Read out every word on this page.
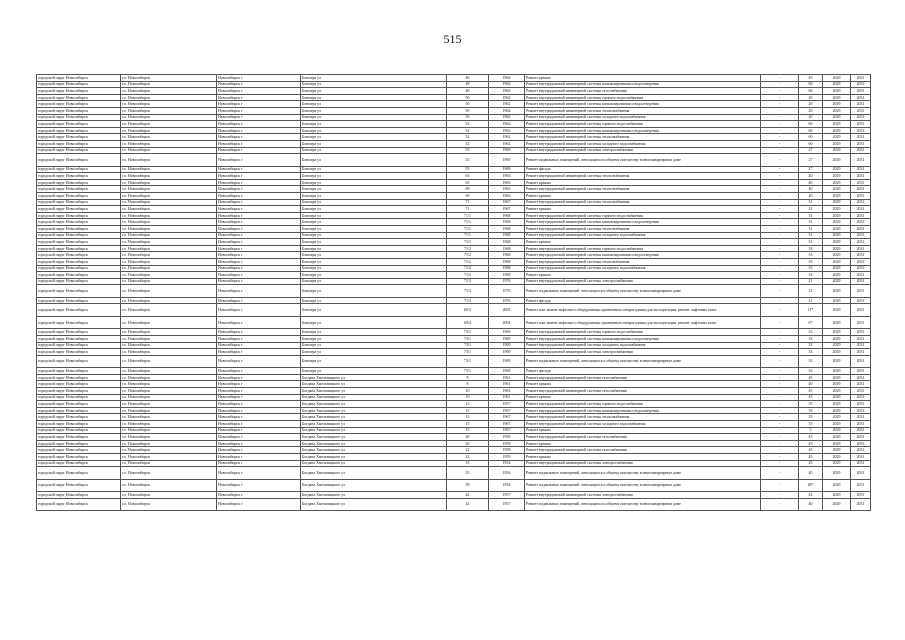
515
городской округ Новосибирск	г.о. Новосибирск	Новосибирск г	Блюхера ул	46	1962	Ремонт крыши	-	45	2029	2031
городской округ Новосибирск	г.о. Новосибирск	Новосибирск г	Блюхера ул	48	1962	Ремонт внутридомовой инженерной системы канализирования и водоотведения	-	60	2029	2031
городской округ Новосибирск	г.о. Новосибирск	Новосибирск г	Блюхера ул	48	1962	Ремонт внутридомовой инженерной системы газоснабжения	-	60	2029	2031
городской округ Новосибирск	г.о. Новосибирск	Новосибирск г	Блюхера ул	50	1962	Ремонт внутридомовой инженерной системы горячего водоснабжения	-	20	2029	2031
городской округ Новосибирск	г.о. Новосибирск	Новосибирск г	Блюхера ул	50	1962	Ремонт внутридомовой инженерной системы канализирования и водоотведения	-	20	2029	2031
городской округ Новосибирск	г.о. Новосибирск	Новосибирск г	Блюхера ул	50	1962	Ремонт внутридомовой инженерной системы теплоснабжения	-	20	2029	2031
городской округ Новосибирск	г.о. Новосибирск	Новосибирск г	Блюхера ул	50	1962	Ремонт внутридомовой инженерной системы холодного водоснабжения	-	20	2029	2031
городской округ Новосибирск	г.о. Новосибирск	Новосибирск г	Блюхера ул	52	1962	Ремонт внутридомовой инженерной системы горячего водоснабжения	-	60	2029	2031
городской округ Новосибирск	г.о. Новосибирск	Новосибирск г	Блюхера ул	52	1962	Ремонт внутридомовой инженерной системы канализирования и водоотведения	-	60	2029	2031
городской округ Новосибирск	г.о. Новосибирск	Новосибирск г	Блюхера ул	52	1962	Ремонт внутридомовой инженерной системы теплоснабжения	-	60	2029	2031
городской округ Новосибирск	г.о. Новосибирск	Новосибирск г	Блюхера ул	52	1962	Ремонт внутридомовой инженерной системы холодного водоснабжения	-	60	2029	2031
городской округ Новосибирск	г.о. Новосибирск	Новосибирск г	Блюхера ул	55	1969	Ремонт внутридомовой инженерной системы электроснабжения	-	27	2029	2031
городской округ Новосибирск	г.о. Новосибирск	Новосибирск г	Блюхера ул	55	1969	Ремонт подвальных помещений, относящихся к общему имуществу в многоквартирном доме	-	27	2029	2031
городской округ Новосибирск	г.о. Новосибирск	Новосибирск г	Блюхера ул	55	1969	Ремонт фасада	-	27	2029	2031
городской округ Новосибирск	г.о. Новосибирск	Новосибирск г	Блюхера ул	63	1963	Ремонт внутридомовой инженерной системы теплоснабжения	-	40	2029	2031
городской округ Новосибирск	г.о. Новосибирск	Новосибирск г	Блюхера ул	63	1963	Ремонт крыши	-	40	2029	2031
городской округ Новосибирск	г.о. Новосибирск	Новосибирск г	Блюхера ул	69	1963	Ремонт внутридомовой инженерной системы теплоснабжения	-	40	2029	2031
городской округ Новосибирск	г.о. Новосибирск	Новосибирск г	Блюхера ул	69	1963	Ремонт крыши	-	40	2029	2031
городской округ Новосибирск	г.о. Новосибирск	Новосибирск г	Блюхера ул	71	1967	Ремонт внутридомовой инженерной системы теплоснабжения	-	31	2029	2031
городской округ Новосибирск	г.о. Новосибирск	Новосибирск г	Блюхера ул	71	1967	Ремонт крыши	-	31	2029	2031
городской округ Новосибирск	г.о. Новосибирск	Новосибирск г	Блюхера ул	71/1	1968	Ремонт внутридомовой инженерной системы горячего водоснабжения	-	31	2029	2031
городской округ Новосибирск	г.о. Новосибирск	Новосибирск г	Блюхера ул	71/1	1968	Ремонт внутридомовой инженерной системы канализирования и водоотведения	-	31	2029	2031
городской округ Новосибирск	г.о. Новосибирск	Новосибирск г	Блюхера ул	71/1	1968	Ремонт внутридомовой инженерной системы теплоснабжения	-	31	2029	2031
городской округ Новосибирск	г.о. Новосибирск	Новосибирск г	Блюхера ул	71/1	1968	Ремонт внутридомовой инженерной системы холодного водоснабжения	-	31	2029	2031
городской округ Новосибирск	г.о. Новосибирск	Новосибирск г	Блюхера ул	71/1	1968	Ремонт крыши	-	31	2029	2031
городской округ Новосибирск	г.о. Новосибирск	Новосибирск г	Блюхера ул	71/2	1968	Ремонт внутридомовой инженерной системы горячего водоснабжения	-	33	2029	2031
городской округ Новосибирск	г.о. Новосибирск	Новосибирск г	Блюхера ул	71/2	1968	Ремонт внутридомовой инженерной системы канализирования и водоотведения	-	33	2029	2031
городской округ Новосибирск	г.о. Новосибирск	Новосибирск г	Блюхера ул	71/2	1968	Ремонт внутридомовой инженерной системы теплоснабжения	-	33	2029	2031
городской округ Новосибирск	г.о. Новосибирск	Новосибирск г	Блюхера ул	71/2	1968	Ремонт внутридомовой инженерной системы холодного водоснабжения	-	33	2029	2031
городской округ Новосибирск	г.о. Новосибирск	Новосибирск г	Блюхера ул	71/2	1968	Ремонт крыши	-	33	2029	2031
городской округ Новосибирск	г.о. Новосибирск	Новосибирск г	Блюхера ул	71/3	1976	Ремонт внутридомовой инженерной системы электроснабжения	-	21	2029	2031
городской округ Новосибирск	г.о. Новосибирск	Новосибирск г	Блюхера ул	71/3	1976	Ремонт подвальных помещений, относящихся к общему имуществу в многоквартирном доме	-	21	2029	2031
городской округ Новосибирск	г.о. Новосибирск	Новосибирск г	Блюхера ул	71/3	1976	Ремонт фасада	-	21	2029	2031
городской округ Новосибирск	г.о. Новосибирск	Новосибирск г	Блюхера ул	69/3	2005	Ремонт или замена лифтового оборудования, признанного непригодным для эксплуатации, ремонт лифтовых шахт	-	11*	2029	2031
городской округ Новосибирск	г.о. Новосибирск	Новосибирск г	Блюхера ул	69/4	2004	Ремонт или замена лифтового оборудования, признанного непригодным для эксплуатации, ремонт лифтовых шахт	-	6*	2029	2031
городской округ Новосибирск	г.о. Новосибирск	Новосибирск г	Блюхера ул	73/1	1969	Ремонт внутридомовой инженерной системы горячего водоснабжения	-	33	2029	2031
городской округ Новосибирск	г.о. Новосибирск	Новосибирск г	Блюхера ул	73/1	1969	Ремонт внутридомовой инженерной системы канализирования и водоотведения	-	33	2029	2031
городской округ Новосибирск	г.о. Новосибирск	Новосибирск г	Блюхера ул	73/1	1969	Ремонт внутридомовой инженерной системы холодного водоснабжения	-	33	2029	2031
городской округ Новосибирск	г.о. Новосибирск	Новосибирск г	Блюхера ул	73/1	1969	Ремонт внутридомовой инженерной системы электроснабжения	-	33	2029	2031
городской округ Новосибирск	г.о. Новосибирск	Новосибирск г	Блюхера ул	73/1	1969	Ремонт подвальных помещений, относящихся к общему имуществу в многоквартирном доме	-	33	2029	2031
городской округ Новосибирск	г.о. Новосибирск	Новосибирск г	Блюхера ул	73/1	1969	Ремонт фасада	-	33	2029	2031
городской округ Новосибирск	г.о. Новосибирск	Новосибирск г	Богдана Хмельницкого ул	8	1961	Ремонт внутридомовой инженерной системы газоснабжения	-	45	2029	2031
городской округ Новосибирск	г.о. Новосибирск	Новосибирск г	Богдана Хмельницкого ул	8	1961	Ремонт крыши	-	40	2029	2031
городской округ Новосибирск	г.о. Новосибирск	Новосибирск г	Богдана Хмельницкого ул	10	1961	Ремонт внутридомовой инженерной системы газоснабжения	-	45	2029	2031
городской округ Новосибирск	г.о. Новосибирск	Новосибирск г	Богдана Хмельницкого ул	10	1961	Ремонт крыши	-	45	2029	2031
городской округ Новосибирск	г.о. Новосибирск	Новосибирск г	Богдана Хмельницкого ул	13	1957	Ремонт внутридомовой инженерной системы горячего водоснабжения	-	35	2029	2031
городской округ Новосибирск	г.о. Новосибирск	Новосибирск г	Богдана Хмельницкого ул	15	1967	Ремонт внутридомовой инженерной системы канализирования и водоотведения	-	35	2029	2031
городской округ Новосибирск	г.о. Новосибирск	Новосибирск г	Богдана Хмельницкого ул	15	1967	Ремонт внутридомовой инженерной системы теплоснабжения	-	35	2029	2031
городской округ Новосибирск	г.о. Новосибирск	Новосибирск г	Богдана Хмельницкого ул	15	1967	Ремонт внутридомовой инженерной системы холодного водоснабжения	-	35	2029	2031
городской округ Новосибирск	г.о. Новосибирск	Новосибирск г	Богдана Хмельницкого ул	15	1967	Ремонт крыши	-	5	2029	2031
городской округ Новосибирск	г.о. Новосибирск	Новосибирск г	Богдана Хмельницкого ул	20	1959	Ремонт внутридомовой инженерной системы газоснабжения	-	45	2029	2031
городской округ Новосибирск	г.о. Новосибирск	Новосибирск г	Богдана Хмельницкого ул	20	1959	Ремонт крыши	-	45	2029	2031
городской округ Новосибирск	г.о. Новосибирск	Новосибирск г	Богдана Хмельницкого ул	22	1959	Ремонт внутридомовой инженерной системы газоснабжения	-	45	2029	2031
городской округ Новосибирск	г.о. Новосибирск	Новосибирск г	Богдана Хмельницкого ул	22	1959	Ремонт крыши	-	45	2029	2031
городской округ Новосибирск	г.о. Новосибирск	Новосибирск г	Богдана Хмельницкого ул	33	1954	Ремонт внутридомовой инженерной системы электроснабжения	-	45	2029	2031
городской округ Новосибирск	г.о. Новосибирск	Новосибирск г	Богдана Хмельницкого ул	35	1954	Ремонт подвальных помещений, относящихся к общему имуществу в многоквартирном доме	-	40	2029	2031
городской округ Новосибирск	г.о. Новосибирск	Новосибирск г	Богдана Хмельницкого ул	39	1954	Ремонт подвальных помещений, относящихся к общему имуществу в многоквартирном доме	-	48*	2029	2031
городской округ Новосибирск	г.о. Новосибирск	Новосибирск г	Богдана Хмельницкого ул	42	1957	Ремонт внутридомовой инженерной системы электроснабжения	-	43	2029	2031
городской округ Новосибирск	г.о. Новосибирск	Новосибирск г	Богдана Хмельницкого ул	42	1957	Ремонт подвальных помещений, относящихся к общему имуществу в многоквартирном доме	-	40	2029	2031
